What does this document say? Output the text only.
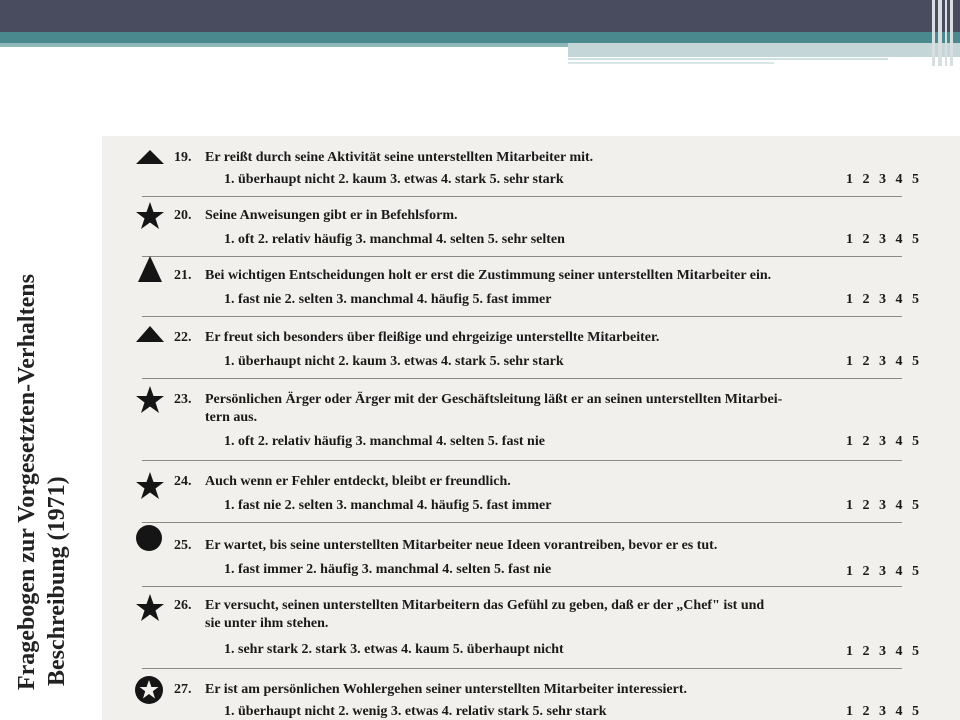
19. Er reißt durch seine Aktivität seine unterstellten Mitarbeiter mit.
1. überhaupt nicht 2. kaum 3. etwas 4. stark 5. sehr stark	1 2 3 4 5
20. Seine Anweisungen gibt er in Befehlsform.
1. oft 2. relativ häufig 3. manchmal 4. selten 5. sehr selten	1 2 3 4 5
21. Bei wichtigen Entscheidungen holt er erst die Zustimmung seiner unterstellten Mitarbeiter ein.
1. fast nie 2. selten 3. manchmal 4. häufig 5. fast immer	1 2 3 4 5
22. Er freut sich besonders über fleißige und ehrgeizige unterstellte Mitarbeiter.
1. überhaupt nicht 2. kaum 3. etwas 4. stark 5. sehr stark	1 2 3 4 5
23. Persönlichen Ärger oder Ärger mit der Geschäftsleitung läßt er an seinen unterstellten Mitarbei-
tern aus.
1. oft 2. relativ häufig 3. manchmal 4. selten 5. fast nie	1 2 3 4 5
24. Auch wenn er Fehler entdeckt, bleibt er freundlich.
1. fast nie 2. selten 3. manchmal 4. häufig 5. fast immer	1 2 3 4 5
25. Er wartet, bis seine unterstellten Mitarbeiter neue Ideen vorantreiben, bevor er es tut.
1. fast immer 2. häufig 3. manchmal 4. selten 5. fast nie	1 2 3 4 5
26. Er versucht, seinen unterstellten Mitarbeitern das Gefühl zu geben, daß er der „Chef" ist und
sie unter ihm stehen.
1. sehr stark 2. stark 3. etwas 4. kaum 5. überhaupt nicht	1 2 3 4 5
27. Er ist am persönlichen Wohlergehen seiner unterstellten Mitarbeiter interessiert.
1. überhaupt nicht 2. wenig 3. etwas 4. relativ stark 5. sehr stark	1 2 3 4 5
Fragebogen zur Vorgesetzten-Verhaltens Beschreibung (1971)
